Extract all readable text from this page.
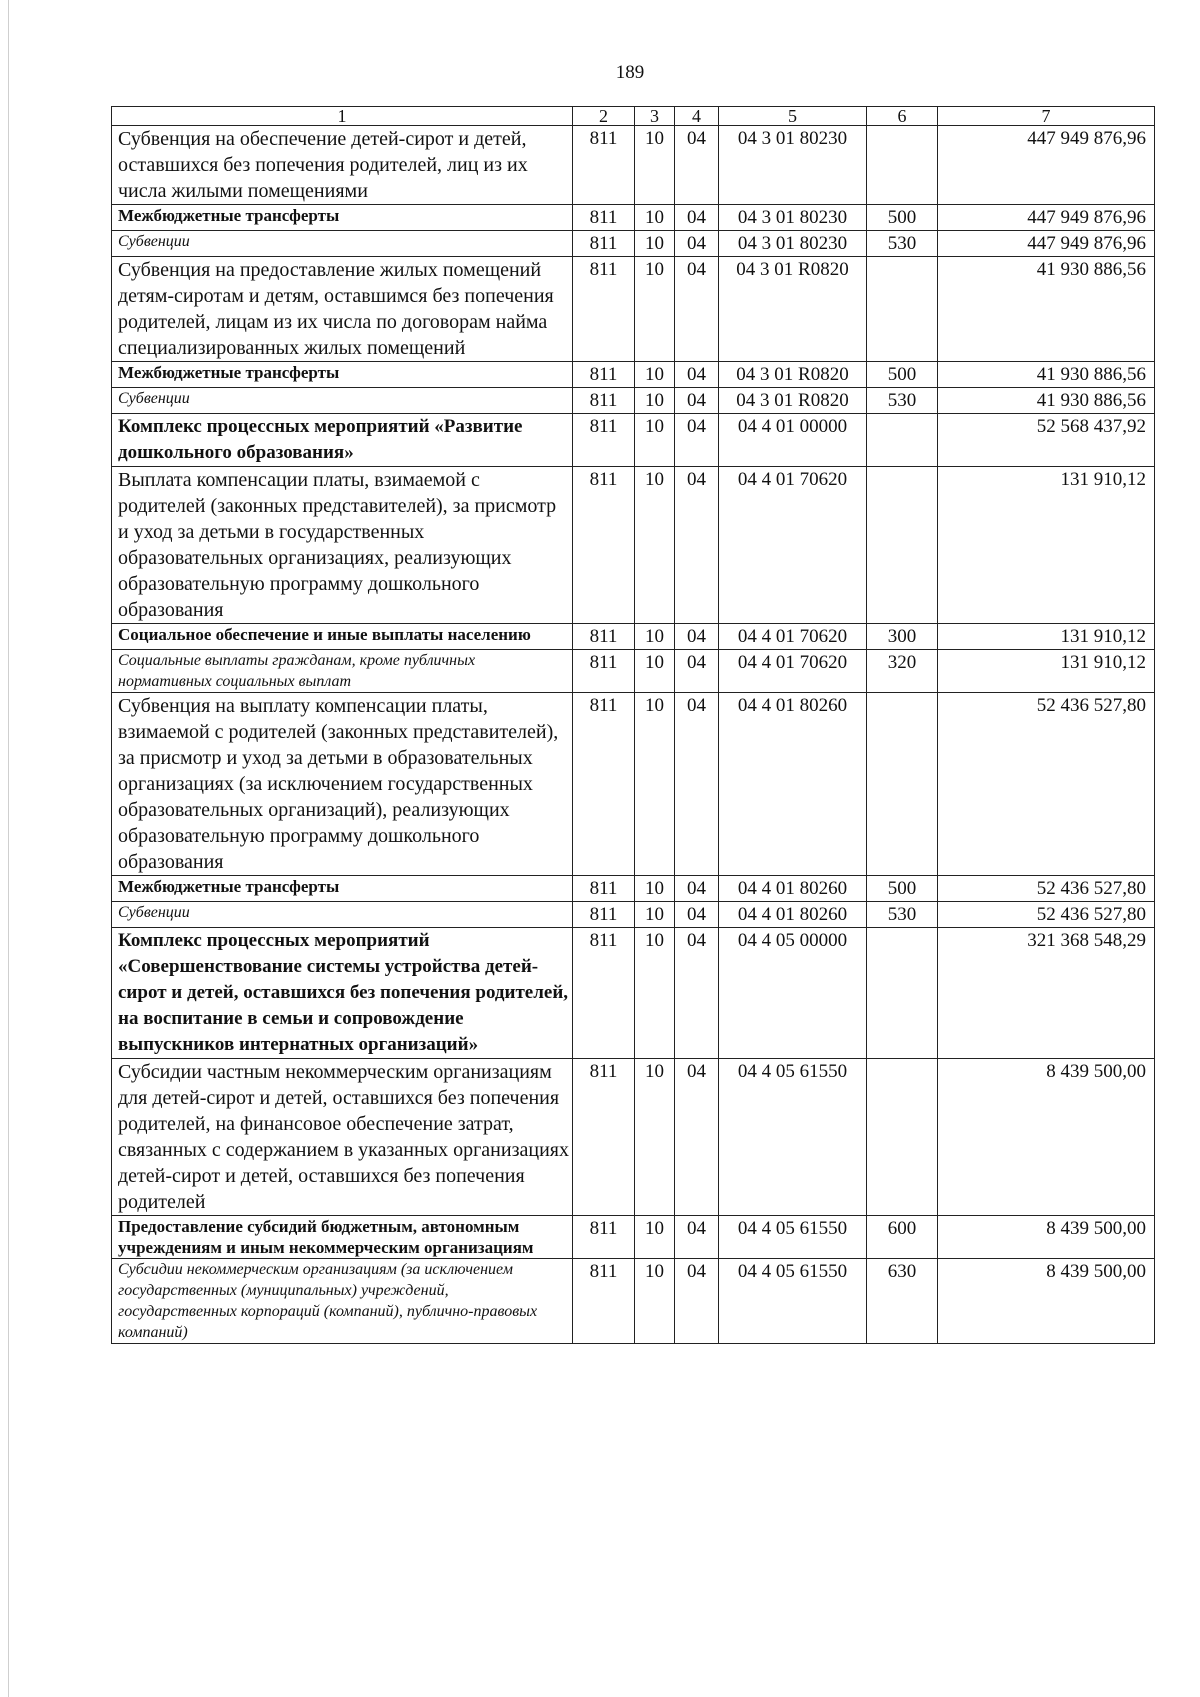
189
1	2	3	4	5	6	7
Субвенция на обеспечение детей-сирот и детей, оставшихся без попечения родителей, лиц из их числа жилыми помещениями	811	10	04	04 3 01 80230		447 949 876,96
Межбюджетные трансферты	811	10	04	04 3 01 80230	500	447 949 876,96
Субвенции	811	10	04	04 3 01 80230	530	447 949 876,96
Субвенция на предоставление жилых помещений детям-сиротам и детям, оставшимся без попечения родителей, лицам из их числа по договорам найма специализированных жилых помещений	811	10	04	04 3 01 R0820		41 930 886,56
Межбюджетные трансферты	811	10	04	04 3 01 R0820	500	41 930 886,56
Субвенции	811	10	04	04 3 01 R0820	530	41 930 886,56
Комплекс процессных мероприятий «Развитие дошкольного образования»	811	10	04	04 4 01 00000		52 568 437,92
Выплата компенсации платы, взимаемой с родителей (законных представителей), за присмотр и уход за детьми в государственных образовательных организациях, реализующих образовательную программу дошкольного образования	811	10	04	04 4 01 70620		131 910,12
Социальное обеспечение и иные выплаты населению	811	10	04	04 4 01 70620	300	131 910,12
Социальные выплаты гражданам, кроме публичных нормативных социальных выплат	811	10	04	04 4 01 70620	320	131 910,12
Субвенция на выплату компенсации платы, взимаемой с родителей (законных представителей), за присмотр и уход за детьми в образовательных организациях (за исключением государственных образовательных организаций), реализующих образовательную программу дошкольного образования	811	10	04	04 4 01 80260		52 436 527,80
Межбюджетные трансферты	811	10	04	04 4 01 80260	500	52 436 527,80
Субвенции	811	10	04	04 4 01 80260	530	52 436 527,80
Комплекс процессных мероприятий «Совершенствование системы устройства детей-сирот и детей, оставшихся без попечения родителей, на воспитание в семьи и сопровождение выпускников интернатных организаций»	811	10	04	04 4 05 00000		321 368 548,29
Субсидии частным некоммерческим организациям для детей-сирот и детей, оставшихся без попечения родителей, на финансовое обеспечение затрат, связанных с содержанием в указанных организациях детей-сирот и детей, оставшихся без попечения родителей	811	10	04	04 4 05 61550		8 439 500,00
Предоставление субсидий бюджетным, автономным учреждениям и иным некоммерческим организациям	811	10	04	04 4 05 61550	600	8 439 500,00
Субсидии некоммерческим организациям (за исключением государственных (муниципальных) учреждений, государственных корпораций (компаний), публично-правовых компаний)	811	10	04	04 4 05 61550	630	8 439 500,00
